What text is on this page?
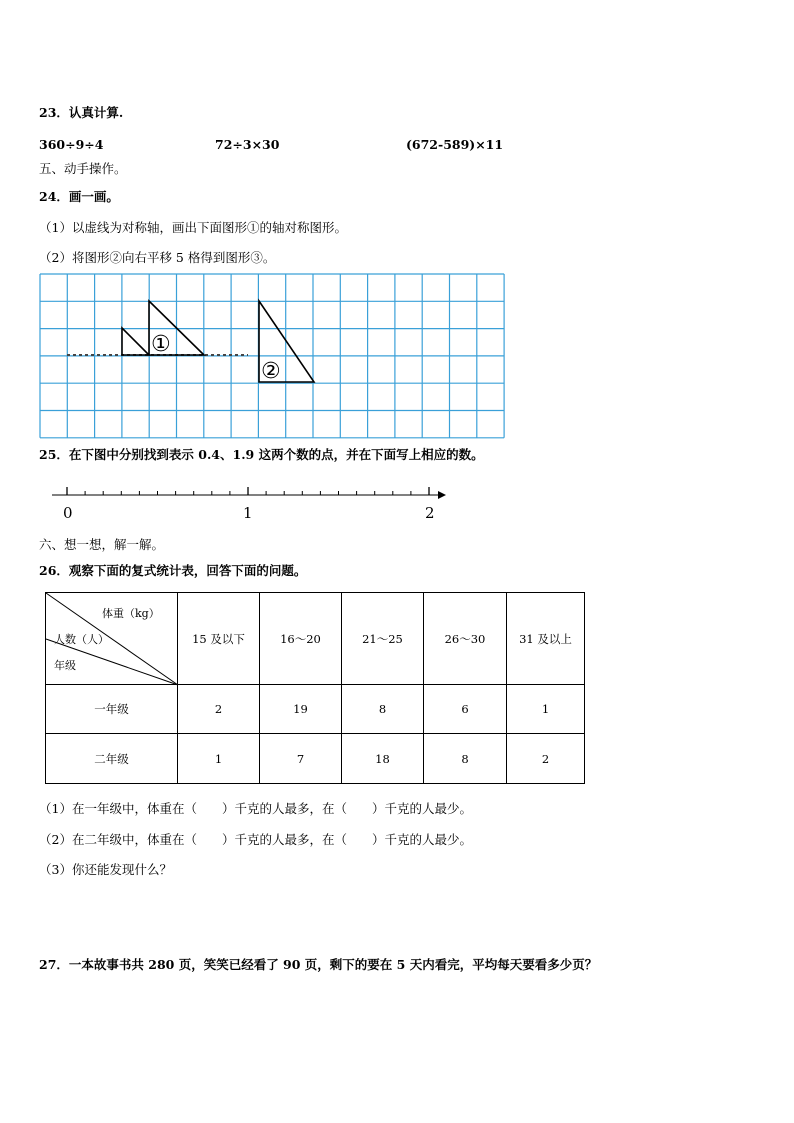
23．认真计算.
360÷9÷4	72÷3×30	(672-589)×11
五、动手操作。
24．画一画。
（1）以虚线为对称轴，画出下面图形①的轴对称图形。
（2）将图形②向右平移 5 格得到图形③。
①
②
25．在下图中分别找到表示 0.4、1.9 这两个数的点，并在下面写上相应的数。
0	1	2
六、想一想，解一解。
26．观察下面的复式统计表，回答下面的问题。
体重（kg）
人数（人）
年级	15 及以下	16～20	21～25	26～30	31 及以上
一年级	2	19	8	6	1
二年级	1	7	18	8	2
（1）在一年级中，体重在（　　）千克的人最多，在（　　）千克的人最少。
（2）在二年级中，体重在（　　）千克的人最多，在（　　）千克的人最少。
（3）你还能发现什么？
27．一本故事书共 280 页，笑笑已经看了 90 页，剩下的要在 5 天内看完，平均每天要看多少页？
